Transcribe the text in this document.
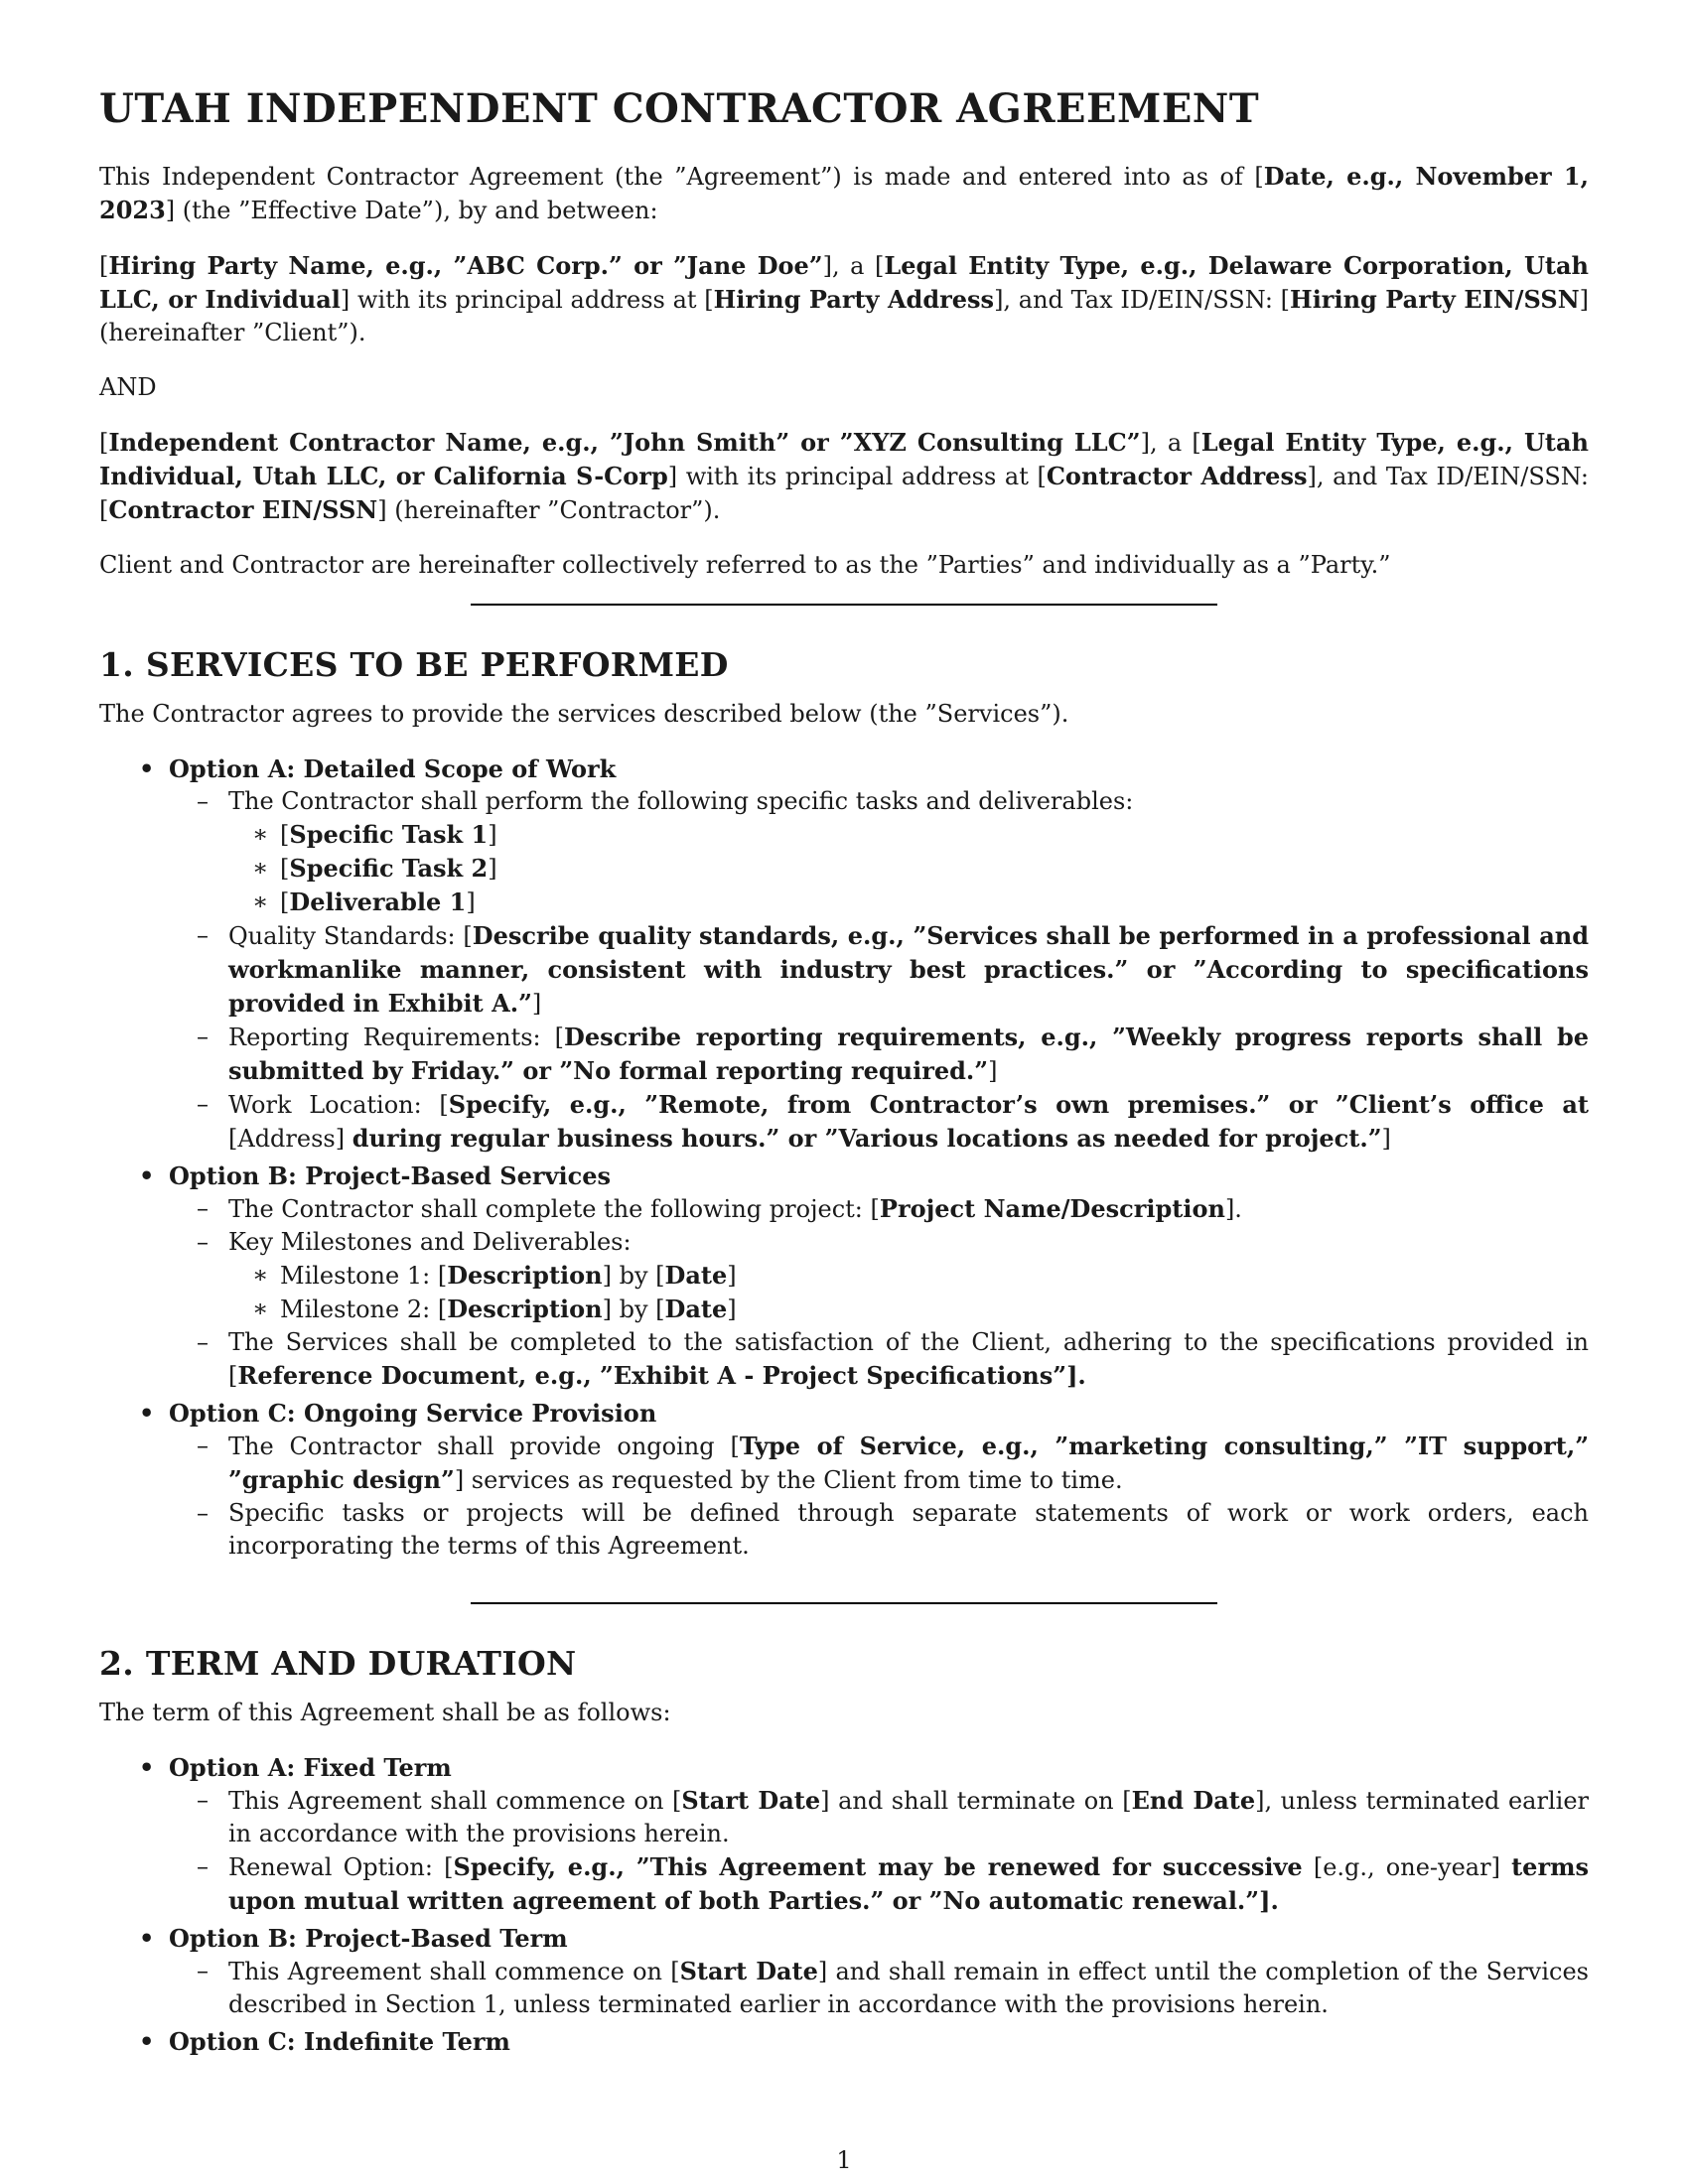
UTAH INDEPENDENT CONTRACTOR AGREEMENT

This Independent Contractor Agreement (the ”Agreement”) is made and entered into as of [Date, e.g., November 1, 2023] (the ”Effective Date”), by and between:

[Hiring Party Name, e.g., ”ABC Corp.” or ”Jane Doe”], a [Legal Entity Type, e.g., Delaware Corporation, Utah LLC, or Individual] with its principal address at [Hiring Party Address], and Tax ID/EIN/SSN: [Hiring Party EIN/SSN] (hereinafter ”Client”).

AND

[Independent Contractor Name, e.g., ”John Smith” or ”XYZ Consulting LLC”], a [Legal Entity Type, e.g., Utah Individual, Utah LLC, or California S-Corp] with its principal address at [Contractor Address], and Tax ID/EIN/SSN: [Contractor EIN/SSN] (hereinafter ”Contractor”).

Client and Contractor are hereinafter collectively referred to as the ”Parties” and individually as a ”Party.”

1. SERVICES TO BE PERFORMED

The Contractor agrees to provide the services described below (the ”Services”).

• Option A: Detailed Scope of Work
– The Contractor shall perform the following specific tasks and deliverables:
∗ [Specific Task 1]
∗ [Specific Task 2]
∗ [Deliverable 1]
– Quality Standards: [Describe quality standards, e.g., ”Services shall be performed in a professional and workmanlike manner, consistent with industry best practices.” or ”According to specifications provided in Exhibit A.”]
– Reporting Requirements: [Describe reporting requirements, e.g., ”Weekly progress reports shall be submitted by Friday.” or ”No formal reporting required.”]
– Work Location: [Specify, e.g., ”Remote, from Contractor’s own premises.” or ”Client’s office at [Address] during regular business hours.” or ”Various locations as needed for project.”]
• Option B: Project-Based Services
– The Contractor shall complete the following project: [Project Name/Description].
– Key Milestones and Deliverables:
∗ Milestone 1: [Description] by [Date]
∗ Milestone 2: [Description] by [Date]
– The Services shall be completed to the satisfaction of the Client, adhering to the specifications provided in [Reference Document, e.g., ”Exhibit A - Project Specifications”].
• Option C: Ongoing Service Provision
– The Contractor shall provide ongoing [Type of Service, e.g., ”marketing consulting,” ”IT support,” ”graphic design”] services as requested by the Client from time to time.
– Specific tasks or projects will be defined through separate statements of work or work orders, each incorporating the terms of this Agreement.
2. TERM AND DURATION

The term of this Agreement shall be as follows:

• Option A: Fixed Term
– This Agreement shall commence on [Start Date] and shall terminate on [End Date], unless terminated earlier in accordance with the provisions herein.
– Renewal Option: [Specify, e.g., ”This Agreement may be renewed for successive [e.g., one-year] terms upon mutual written agreement of both Parties.” or ”No automatic renewal.”].
• Option B: Project-Based Term
– This Agreement shall commence on [Start Date] and shall remain in effect until the completion of the Services described in Section 1, unless terminated earlier in accordance with the provisions herein.
• Option C: Indefinite Term
1
